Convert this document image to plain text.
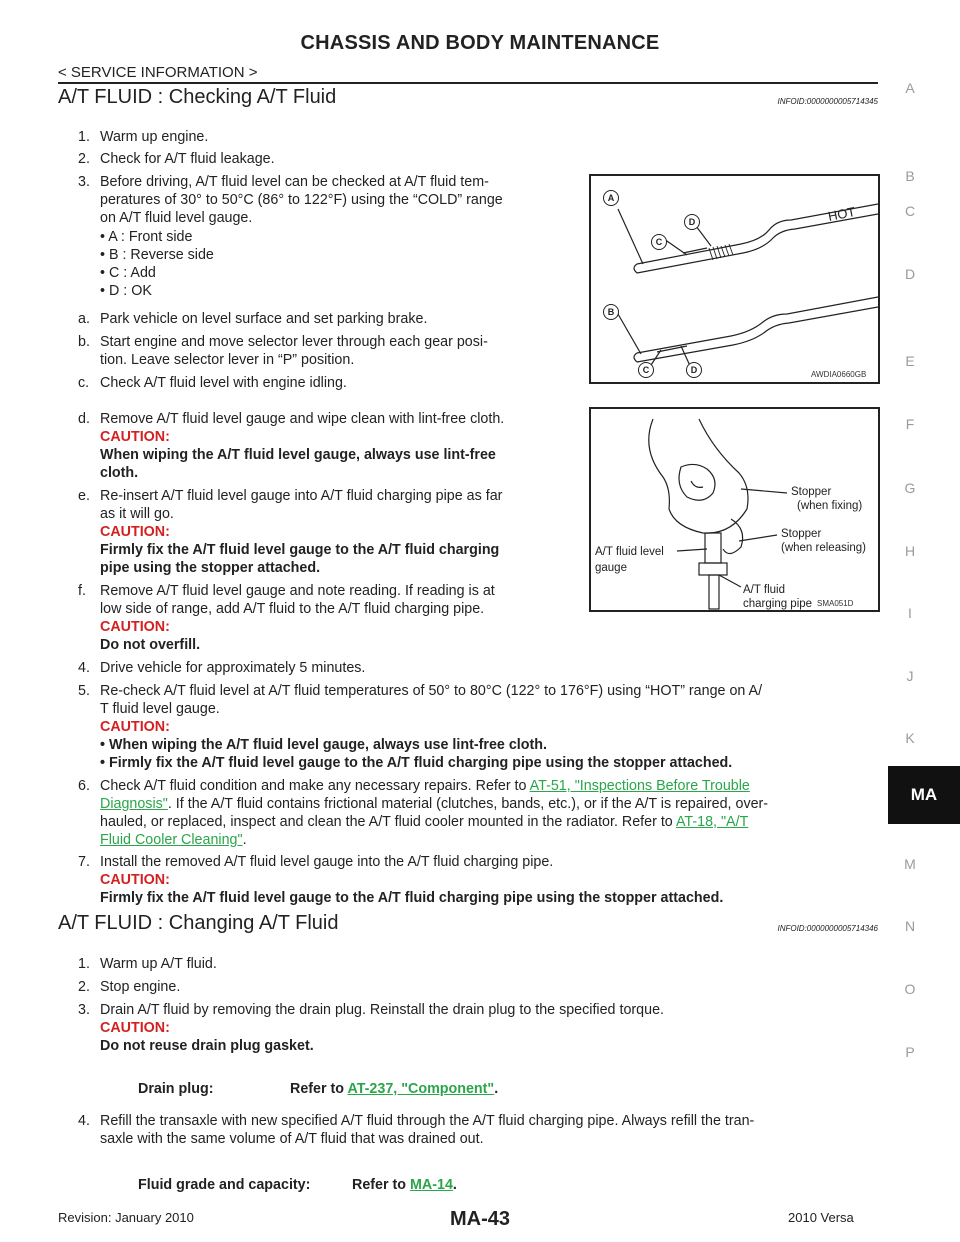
CHASSIS AND BODY MAINTENANCE
< SERVICE INFORMATION >
A
B
C
D
E
F
G
H
I
J
K
MA
M
N
O
P
A/T FLUID : Checking A/T Fluid	INFOID:0000000005714345
1. Warm up engine.
2. Check for A/T fluid leakage.
3. Before driving, A/T fluid level can be checked at A/T fluid tem-
peratures of 30° to 50°C (86° to 122°F) using the “COLD” range
on A/T fluid level gauge.
• A : Front side
• B : Reverse side
• C : Add
• D : OK
a. Park vehicle on level surface and set parking brake.
b. Start engine and move selector lever through each gear posi-
tion. Leave selector lever in “P” position.
c. Check A/T fluid level with engine idling.
d. Remove A/T fluid level gauge and wipe clean with lint-free cloth.
CAUTION:
When wiping the A/T fluid level gauge, always use lint-free
cloth.
e. Re-insert A/T fluid level gauge into A/T fluid charging pipe as far
as it will go.
CAUTION:
Firmly fix the A/T fluid level gauge to the A/T fluid charging
pipe using the stopper attached.
f. Remove A/T fluid level gauge and note reading. If reading is at
low side of range, add A/T fluid to the A/T fluid charging pipe.
CAUTION:
Do not overfill.
4. Drive vehicle for approximately 5 minutes.
5. Re-check A/T fluid level at A/T fluid temperatures of 50° to 80°C (122° to 176°F) using “HOT” range on A/
T fluid level gauge.
CAUTION:
• When wiping the A/T fluid level gauge, always use lint-free cloth.
• Firmly fix the A/T fluid level gauge to the A/T fluid charging pipe using the stopper attached.
6. Check A/T fluid condition and make any necessary repairs. Refer to AT-51, "Inspections Before Trouble
Diagnosis". If the A/T fluid contains frictional material (clutches, bands, etc.), or if the A/T is repaired, over-
hauled, or replaced, inspect and clean the A/T fluid cooler mounted in the radiator. Refer to AT-18, "A/T
Fluid Cooler Cleaning".
7. Install the removed A/T fluid level gauge into the A/T fluid charging pipe.
CAUTION:
Firmly fix the A/T fluid level gauge to the A/T fluid charging pipe using the stopper attached.
A/T FLUID : Changing A/T Fluid	INFOID:0000000005714346
1. Warm up A/T fluid.
2. Stop engine.
3. Drain A/T fluid by removing the drain plug. Reinstall the drain plug to the specified torque.
CAUTION:
Do not reuse drain plug gasket.
Drain plug:	Refer to AT-237, "Component".
4. Refill the transaxle with new specified A/T fluid through the A/T fluid charging pipe. Always refill the tran-
saxle with the same volume of A/T fluid that was drained out.
Fluid grade and capacity:	Refer to MA-14.
HOT
A
B
C
D
C	D	AWDIA0660GB
Stopper
(when fixing)
Stopper
(when releasing)
A/T fluid level
gauge
A/T fluid
charging pipe SMA051D
MA-43
Revision: January 2010	2010 Versa
